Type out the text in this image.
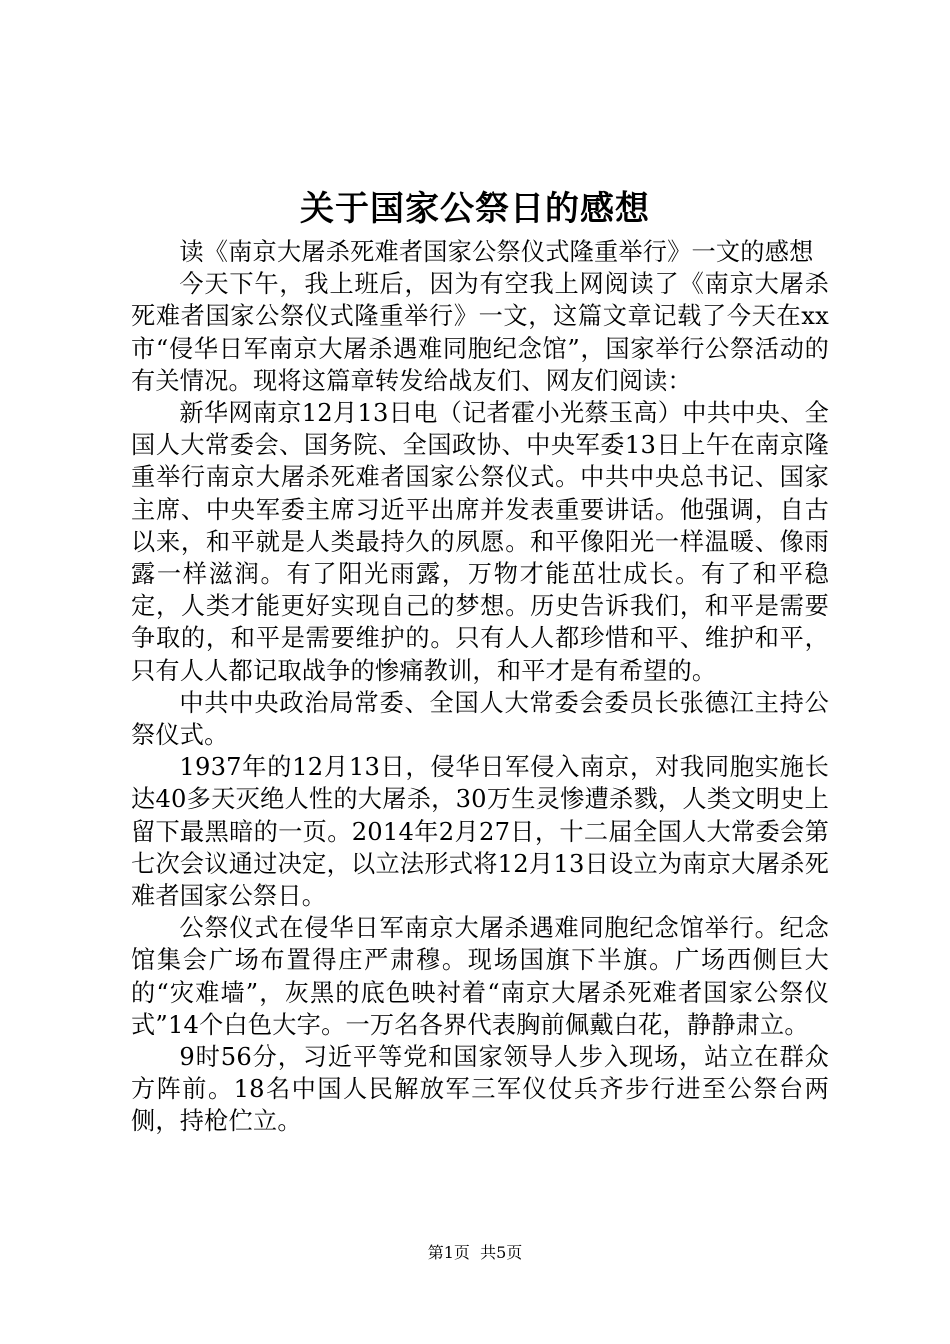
关于国家公祭日的感想

读《南京大屠杀死难者国家公祭仪式隆重举行》一文的感想

今天下午，我上班后，因为有空我上网阅读了《南京大屠杀死难者国家公祭仪式隆重举行》一文，这篇文章记载了今天在xx市“侵华日军南京大屠杀遇难同胞纪念馆”，国家举行公祭活动的有关情况。现将这篇章转发给战友们、网友们阅读：

新华网南京12月13日电（记者霍小光蔡玉高）中共中央、全国人大常委会、国务院、全国政协、中央军委13日上午在南京隆重举行南京大屠杀死难者国家公祭仪式。中共中央总书记、国家主席、中央军委主席习近平出席并发表重要讲话。他强调，自古以来，和平就是人类最持久的夙愿。和平像阳光一样温暖、像雨露一样滋润。有了阳光雨露，万物才能茁壮成长。有了和平稳定，人类才能更好实现自己的梦想。历史告诉我们，和平是需要争取的，和平是需要维护的。只有人人都珍惜和平、维护和平，只有人人都记取战争的惨痛教训，和平才是有希望的。

中共中央政治局常委、全国人大常委会委员长张德江主持公祭仪式。

1937年的12月13日，侵华日军侵入南京，对我同胞实施长达40多天灭绝人性的大屠杀，30万生灵惨遭杀戮，人类文明史上留下最黑暗的一页。2014年2月27日，十二届全国人大常委会第七次会议通过决定，以立法形式将12月13日设立为南京大屠杀死难者国家公祭日。

公祭仪式在侵华日军南京大屠杀遇难同胞纪念馆举行。纪念馆集会广场布置得庄严肃穆。现场国旗下半旗。广场西侧巨大的“灾难墙”，灰黑的底色映衬着“南京大屠杀死难者国家公祭仪式”14个白色大字。一万名各界代表胸前佩戴白花，静静肃立。

9时56分，习近平等党和国家领导人步入现场，站立在群众方阵前。18名中国人民解放军三军仪仗兵齐步行进至公祭台两侧，持枪伫立。

第1页 共5页
